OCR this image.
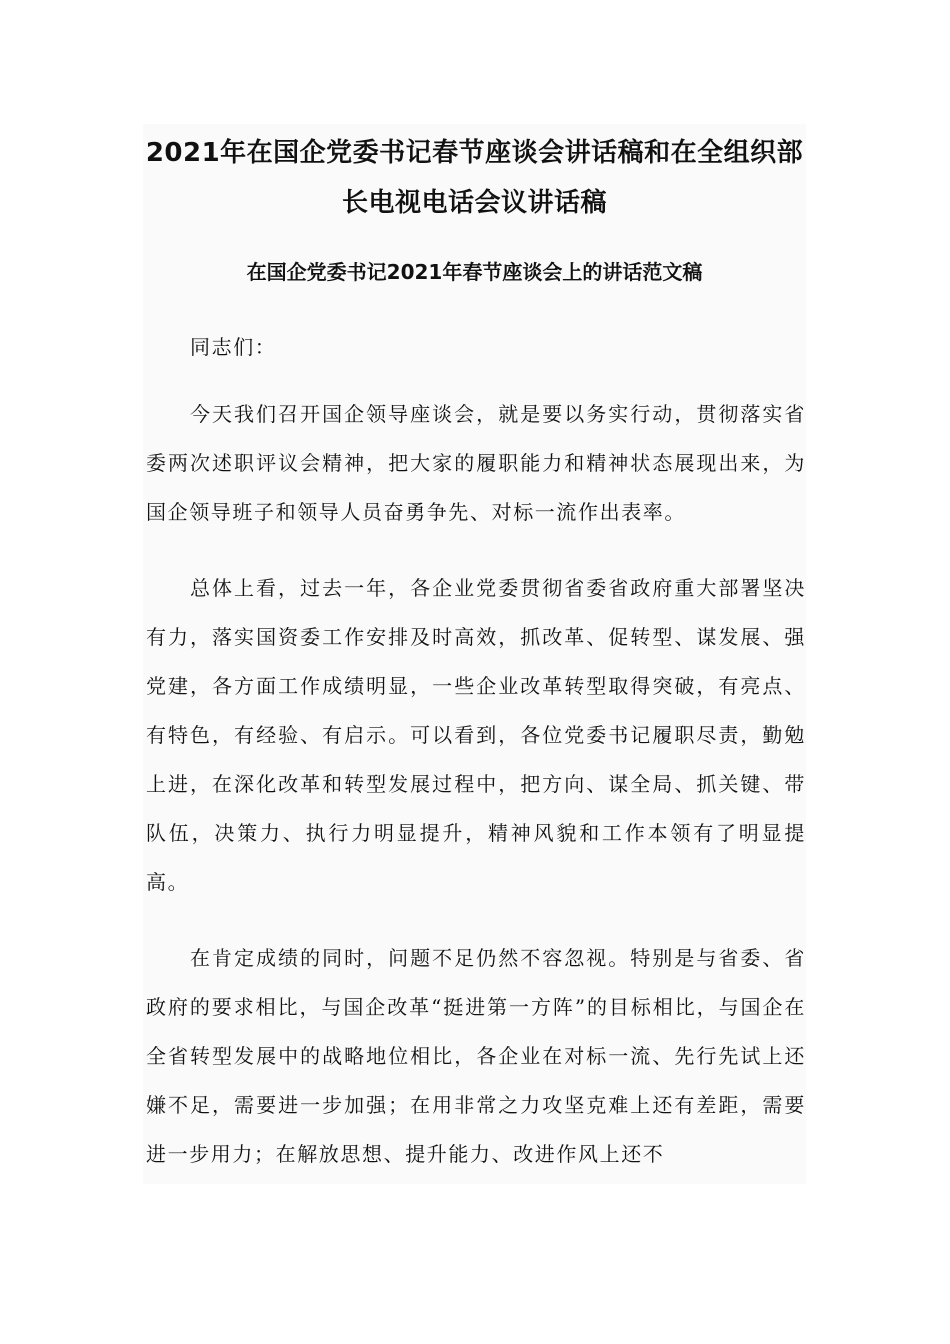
2021年在国企党委书记春节座谈会讲话稿和在全组织部长电视电话会议讲话稿
在国企党委书记2021年春节座谈会上的讲话范文稿

同志们：

今天我们召开国企领导座谈会，就是要以务实行动，贯彻落实省委两次述职评议会精神，把大家的履职能力和精神状态展现出来，为国企领导班子和领导人员奋勇争先、对标一流作出表率。

总体上看，过去一年，各企业党委贯彻省委省政府重大部署坚决有力，落实国资委工作安排及时高效，抓改革、促转型、谋发展、强党建，各方面工作成绩明显，一些企业改革转型取得突破，有亮点、有特色，有经验、有启示。可以看到，各位党委书记履职尽责，勤勉上进，在深化改革和转型发展过程中，把方向、谋全局、抓关键、带队伍，决策力、执行力明显提升，精神风貌和工作本领有了明显提高。

在肯定成绩的同时，问题不足仍然不容忽视。特别是与省委、省政府的要求相比，与国企改革“挺进第一方阵”的目标相比，与国企在全省转型发展中的战略地位相比，各企业在对标一流、先行先试上还嫌不足，需要进一步加强；在用非常之力攻坚克难上还有差距，需要进一步用力；在解放思想、提升能力、改进作风上还不
